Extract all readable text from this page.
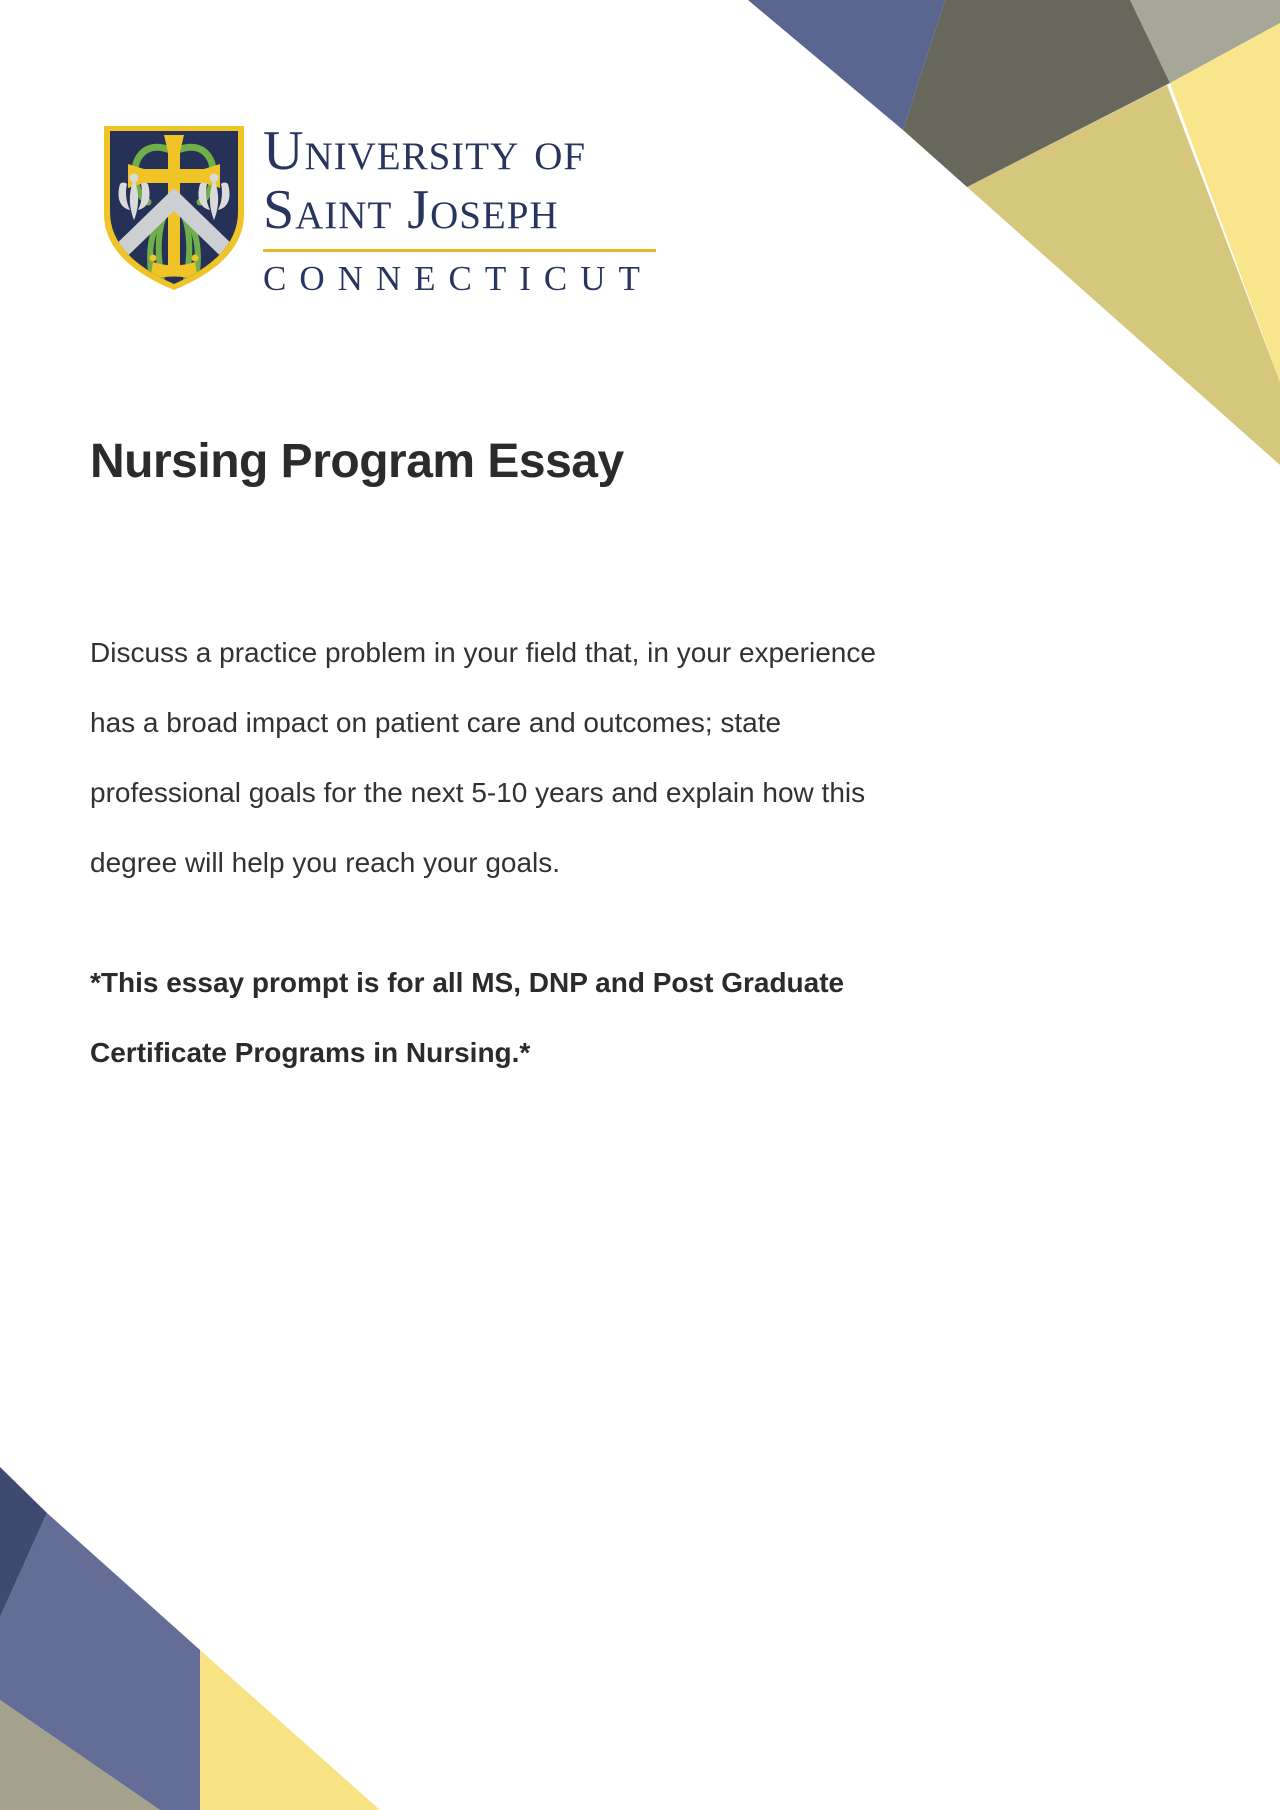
University of
Saint Joseph
CONNECTICUT
Nursing Program Essay
Discuss a practice problem in your field that, in your experience
has a broad impact on patient care and outcomes; state
professional goals for the next 5-10 years and explain how this
degree will help you reach your goals.
*This essay prompt is for all MS, DNP and Post Graduate
Certificate Programs in Nursing.*
